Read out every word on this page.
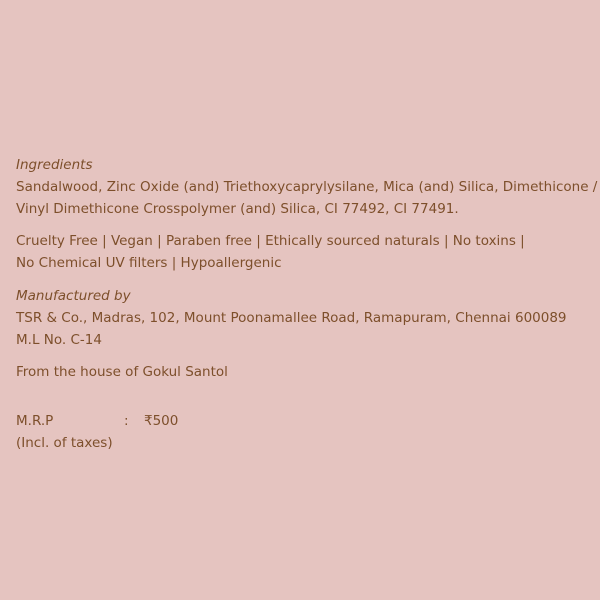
Ingredients
Sandalwood, Zinc Oxide (and) Triethoxycaprylysilane, Mica (and) Silica, Dimethicone /
Vinyl Dimethicone Crosspolymer (and) Silica, CI 77492, CI 77491.
Cruelty Free | Vegan | Paraben free | Ethically sourced naturals | No toxins |
No Chemical UV filters | Hypoallergenic
Manufactured by
TSR & Co., Madras, 102, Mount Poonamallee Road, Ramapuram, Chennai 600089
M.L No. C-14
From the house of Gokul Santol
M.R.P	:	₹500
(Incl. of taxes)
